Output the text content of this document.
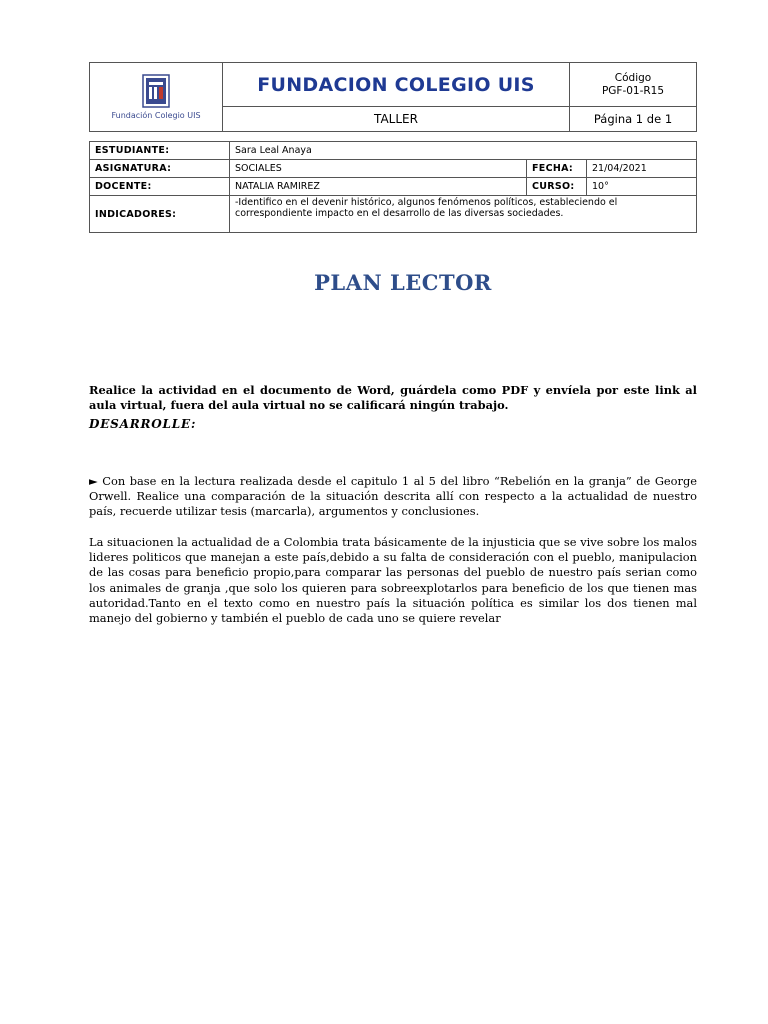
Fundación Colegio UIS	FUNDACION COLEGIO UIS	Código
PGF-01-R15

	TALLER	Página 1 de 1
ESTUDIANTE:	Sara Leal Anaya		
ASIGNATURA:	SOCIALES	FECHA:	21/04/2021
DOCENTE:	NATALIA RAMIREZ	CURSO:	10°
INDICADORES:	-Identifico en el devenir histórico, algunos fenómenos políticos, estableciendo el correspondiente impacto en el desarrollo de las diversas sociedades.		
PLAN LECTOR
Realice la actividad en el documento de Word, guárdela como PDF y envíela por este link al aula virtual, fuera del aula virtual no se calificará ningún trabajo.
DESARROLLE:
► Con base en la lectura realizada desde el capitulo 1 al 5 del libro “Rebelión en la granja” de George Orwell. Realice una comparación de la situación descrita allí con respecto a la actualidad de nuestro país, recuerde utilizar tesis (marcarla), argumentos y conclusiones.
La situacionen la actualidad de a Colombia trata básicamente de la injusticia que se vive sobre los malos lideres politicos que manejan a este país,debido a su falta de consideración con el pueblo, manipulacion de las cosas para beneficio propio,para comparar las personas del pueblo de nuestro país serian como los animales de granja ,que solo los quieren para sobreexplotarlos para beneficio de los que tienen mas autoridad.Tanto en el texto como en nuestro país la situación política es similar los dos tienen mal manejo del gobierno y también el pueblo de cada uno se quiere revelar
